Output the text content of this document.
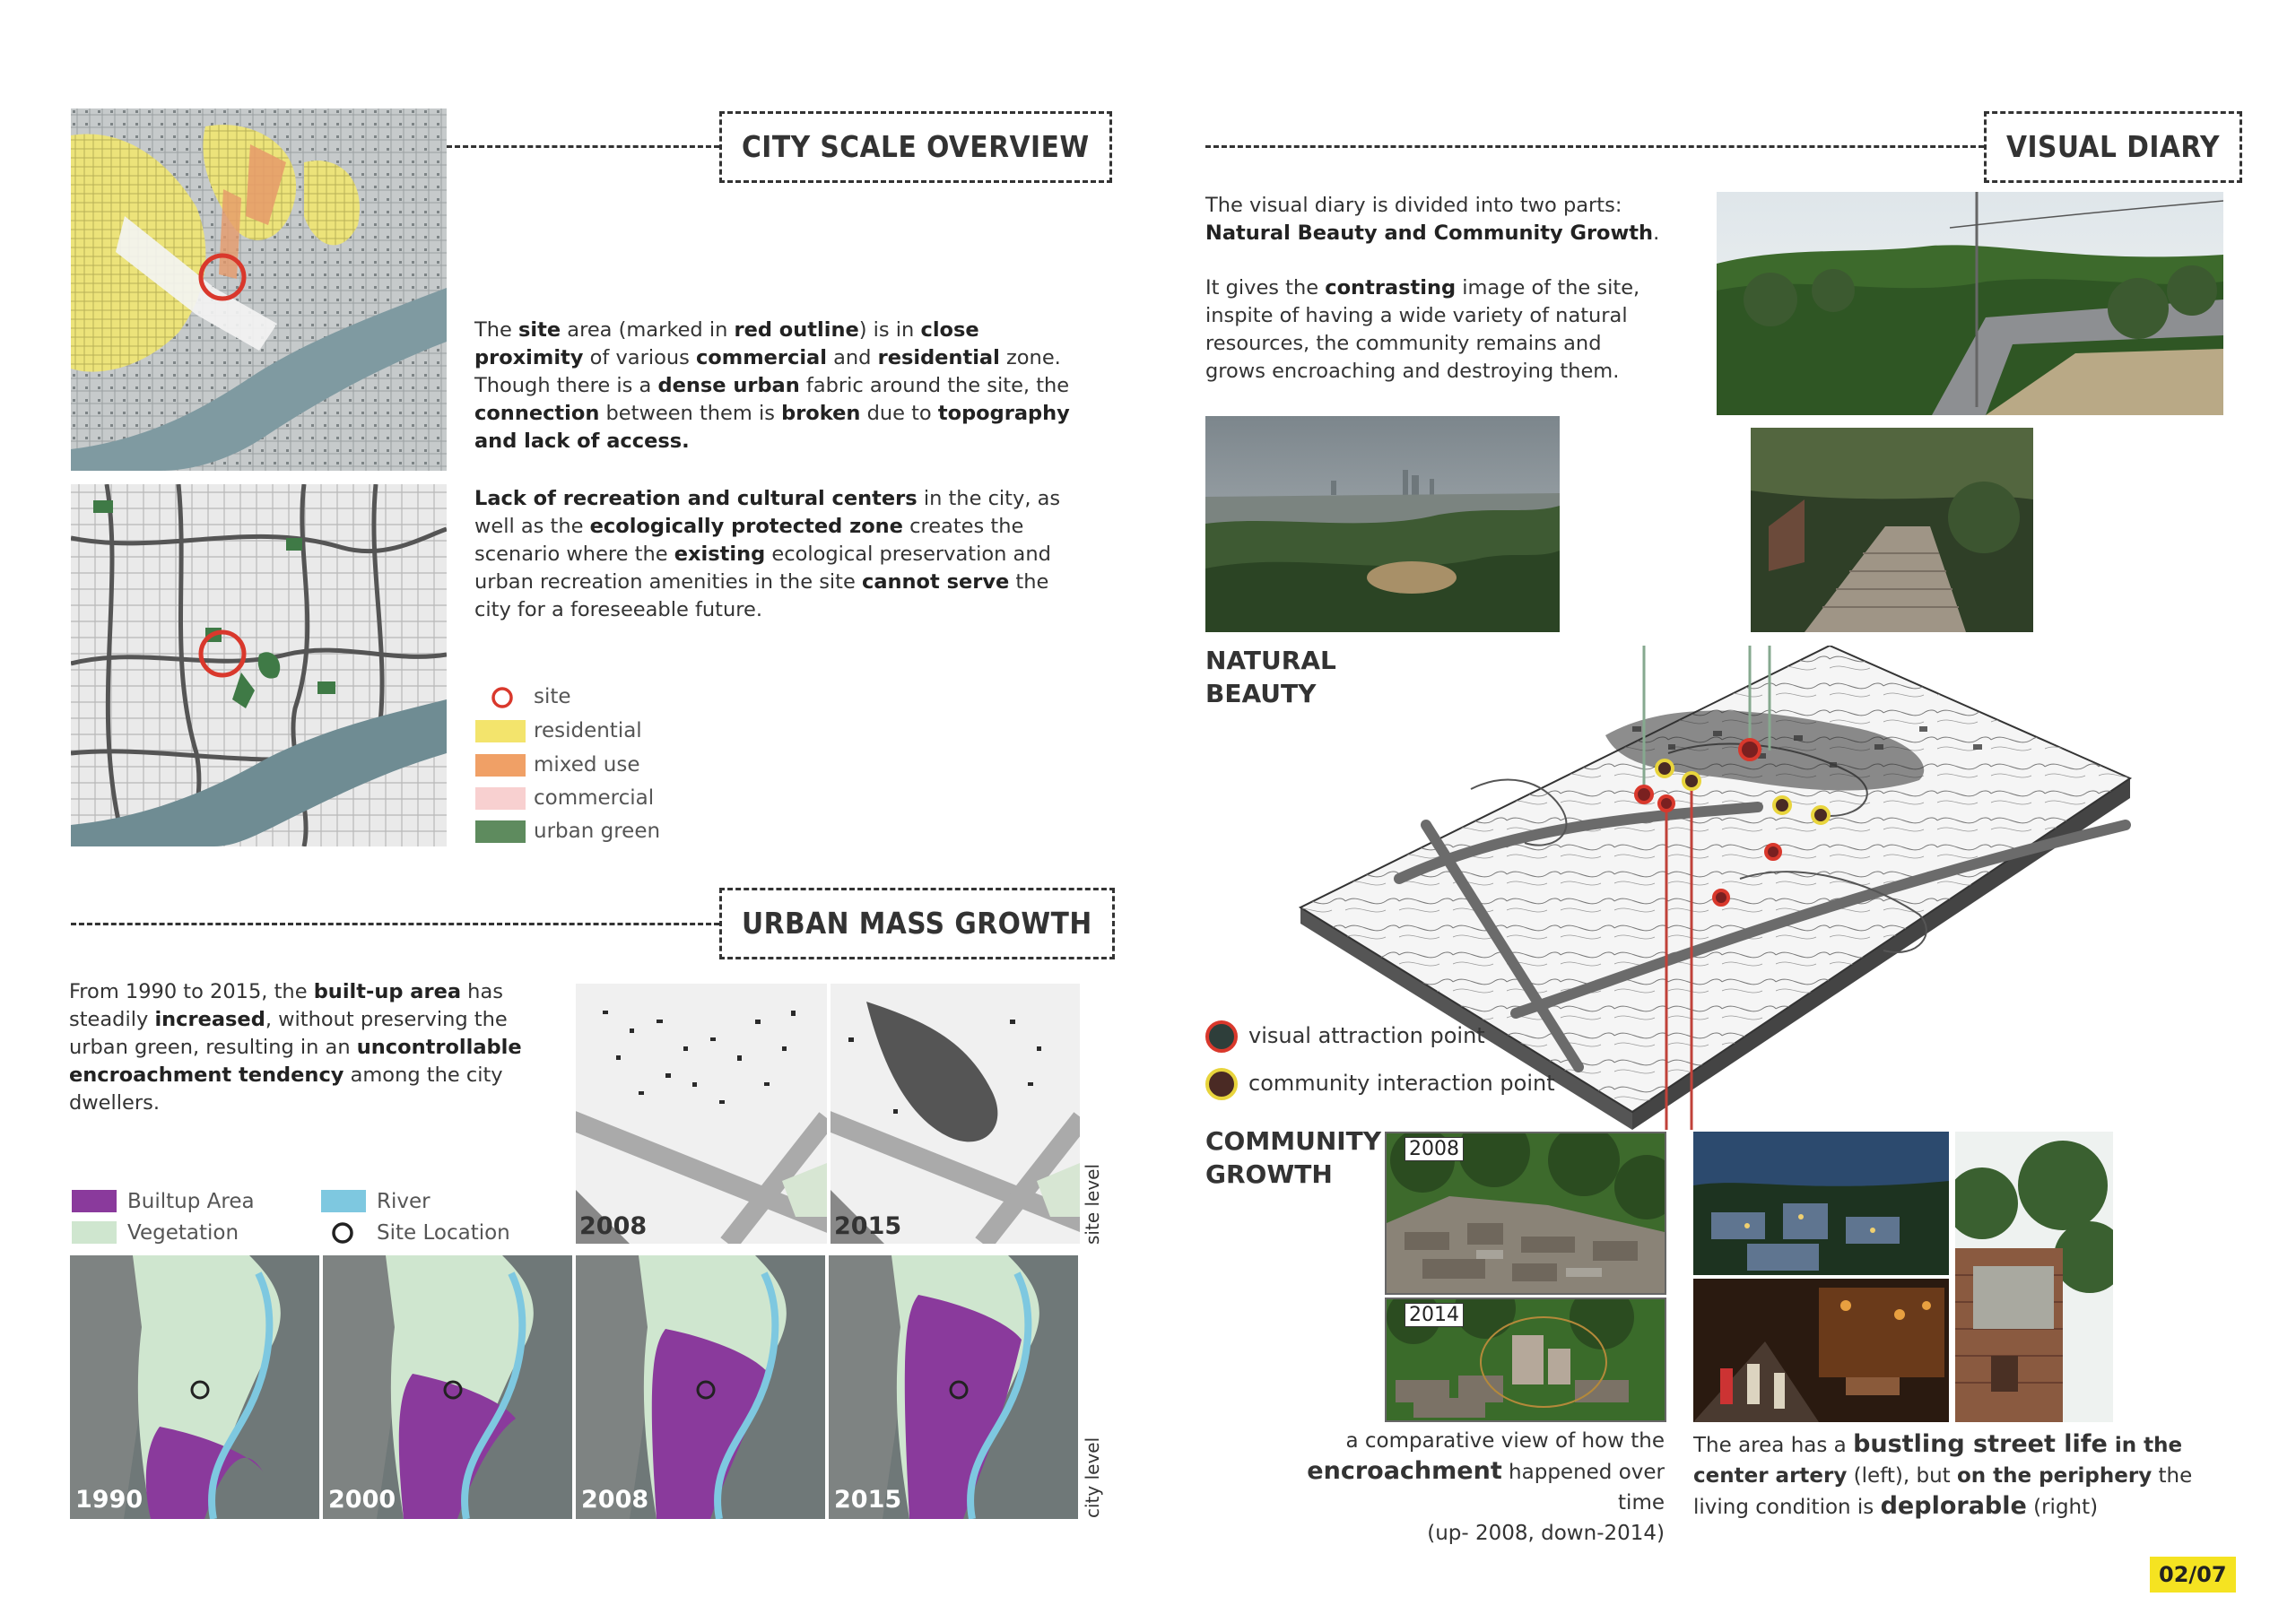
CITY SCALE OVERVIEW
The site area (marked in red outline) is in close proximity of various commercial and residential zone. Though there is a dense urban fabric around the site, the connection between them is broken due to topography and lack of access.
Lack of recreation and cultural centers in the city, as well as the ecologically protected zone creates the scenario where the existing ecological preservation and urban recreation amenities in the site cannot serve the city for a foreseeable future.
site
residential
mixed use
commercial
urban green
URBAN MASS GROWTH
From 1990 to 2015, the built-up area has steadily increased, without preserving the urban green, resulting in an uncontrollable encroachment tendency among the city dwellers.
Builtup Area
Vegetation
River
Site Location	2008	2015	site level
1990	2000	2008	2015	city level
VISUAL DIARY
The visual diary is divided into two parts:
Natural Beauty and Community Growth.
It gives the contrasting image of the site, inspite of having a wide variety of natural resources, the community remains and grows encroaching and destroying them.
NATURAL
BEAUTY
visual attraction point
community interaction point
COMMUNITY
GROWTH
2008
2014
a comparative view of how the
encroachment happened over time
(up- 2008, down-2014)
The area has a bustling street life in the center artery (left), but on the periphery the living condition is deplorable (right)
02/07
